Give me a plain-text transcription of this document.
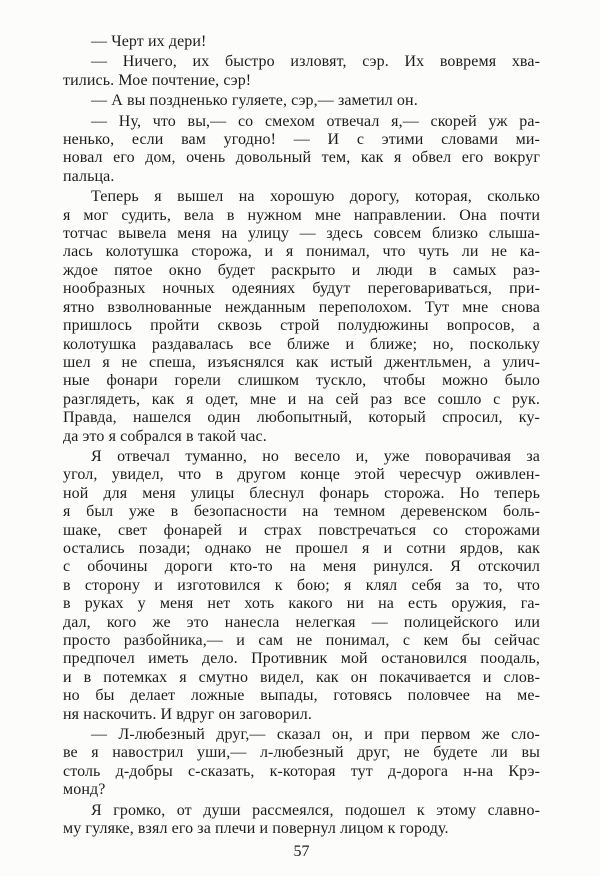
— Черт их дери!
— Ничего, их быстро изловят, сэр. Их вовремя хва-
тились. Мое почтение, сэр!
— А вы поздненько гуляете, сэр,— заметил он.
— Ну, что вы,— со смехом отвечал я,— скорей уж ра-
ненько, если вам угодно! — И с этими словами ми-
новал его дом, очень довольный тем, как я обвел его вокруг
пальца.
Теперь я вышел на хорошую дорогу, которая, сколько
я мог судить, вела в нужном мне направлении. Она почти
тотчас вывела меня на улицу — здесь совсем близко слыша-
лась колотушка сторожа, и я понимал, что чуть ли не ка-
ждое пятое окно будет раскрыто и люди в самых раз-
нообразных ночных одеяниях будут переговариваться, при-
ятно взволнованные нежданным переполохом. Тут мне снова
пришлось пройти сквозь строй полудюжины вопросов, а
колотушка раздавалась все ближе и ближе; но, поскольку
шел я не спеша, изъяснялся как истый джентльмен, а улич-
ные фонари горели слишком тускло, чтобы можно было
разглядеть, как я одет, мне и на сей раз все сошло с рук.
Правда, нашелся один любопытный, который спросил, ку-
да это я собрался в такой час.
Я отвечал туманно, но весело и, уже поворачивая за
угол, увидел, что в другом конце этой чересчур оживлен-
ной для меня улицы блеснул фонарь сторожа. Но теперь
я был уже в безопасности на темном деревенском боль-
шаке, свет фонарей и страх повстречаться со сторожами
остались позади; однако не прошел я и сотни ярдов, как
с обочины дороги кто-то на меня ринулся. Я отскочил
в сторону и изготовился к бою; я клял себя за то, что
в руках у меня нет хоть какого ни на есть оружия, га-
дал, кого же это нанесла нелегкая — полицейского или
просто разбойника,— и сам не понимал, с кем бы сейчас
предпочел иметь дело. Противник мой остановился поодаль,
и в потемках я смутно видел, как он покачивается и слов-
но бы делает ложные выпады, готовясь половчее на ме-
ня наскочить. И вдруг он заговорил.
— Л-любезный друг,— сказал он, и при первом же сло-
ве я навострил уши,— л-любезный друг, не будете ли вы
столь д-добры с-сказать, к-которая тут д-дорога н-на Крэ-
монд?
Я громко, от души рассмеялся, подошел к этому славно-
му гуляке, взял его за плечи и повернул лицом к городу.
57
